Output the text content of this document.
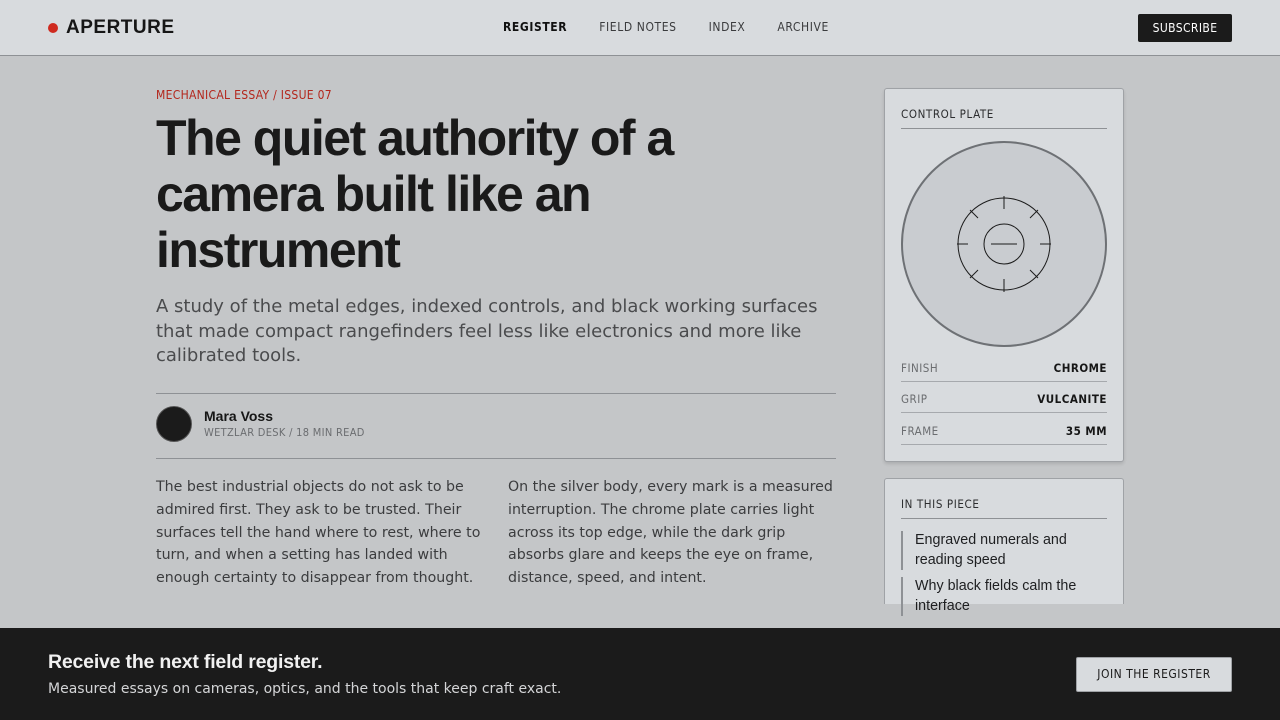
APERTURE	REGISTER	FIELD NOTES	INDEX	ARCHIVE	SUBSCRIBE
MECHANICAL ESSAY / ISSUE 07
The quiet authority of a camera built like an instrument

A study of the metal edges, indexed controls, and black working surfaces that made compact rangefinders feel less like electronics and more like calibrated tools.

Mara Voss
WETZLAR DESK / 18 MIN READ

The best industrial objects do not ask to be admired first. They ask to be trusted. Their surfaces tell the hand where to rest, where to turn, and when a setting has landed with enough certainty to disappear from thought.

On the silver body, every mark is a measured interruption. The chrome plate carries light across its top edge, while the dark grip absorbs glare and keeps the eye on frame, distance, speed, and intent.

CONTROL PLATE
FINISH	CHROME
GRIP	VULCANITE
FRAME	35 MM
IN THIS PIECE
Engraved numerals and reading speed
Why black fields calm the interface
Receive the next field register.
Measured essays on cameras, optics, and the tools that keep craft exact.
JOIN THE REGISTER
